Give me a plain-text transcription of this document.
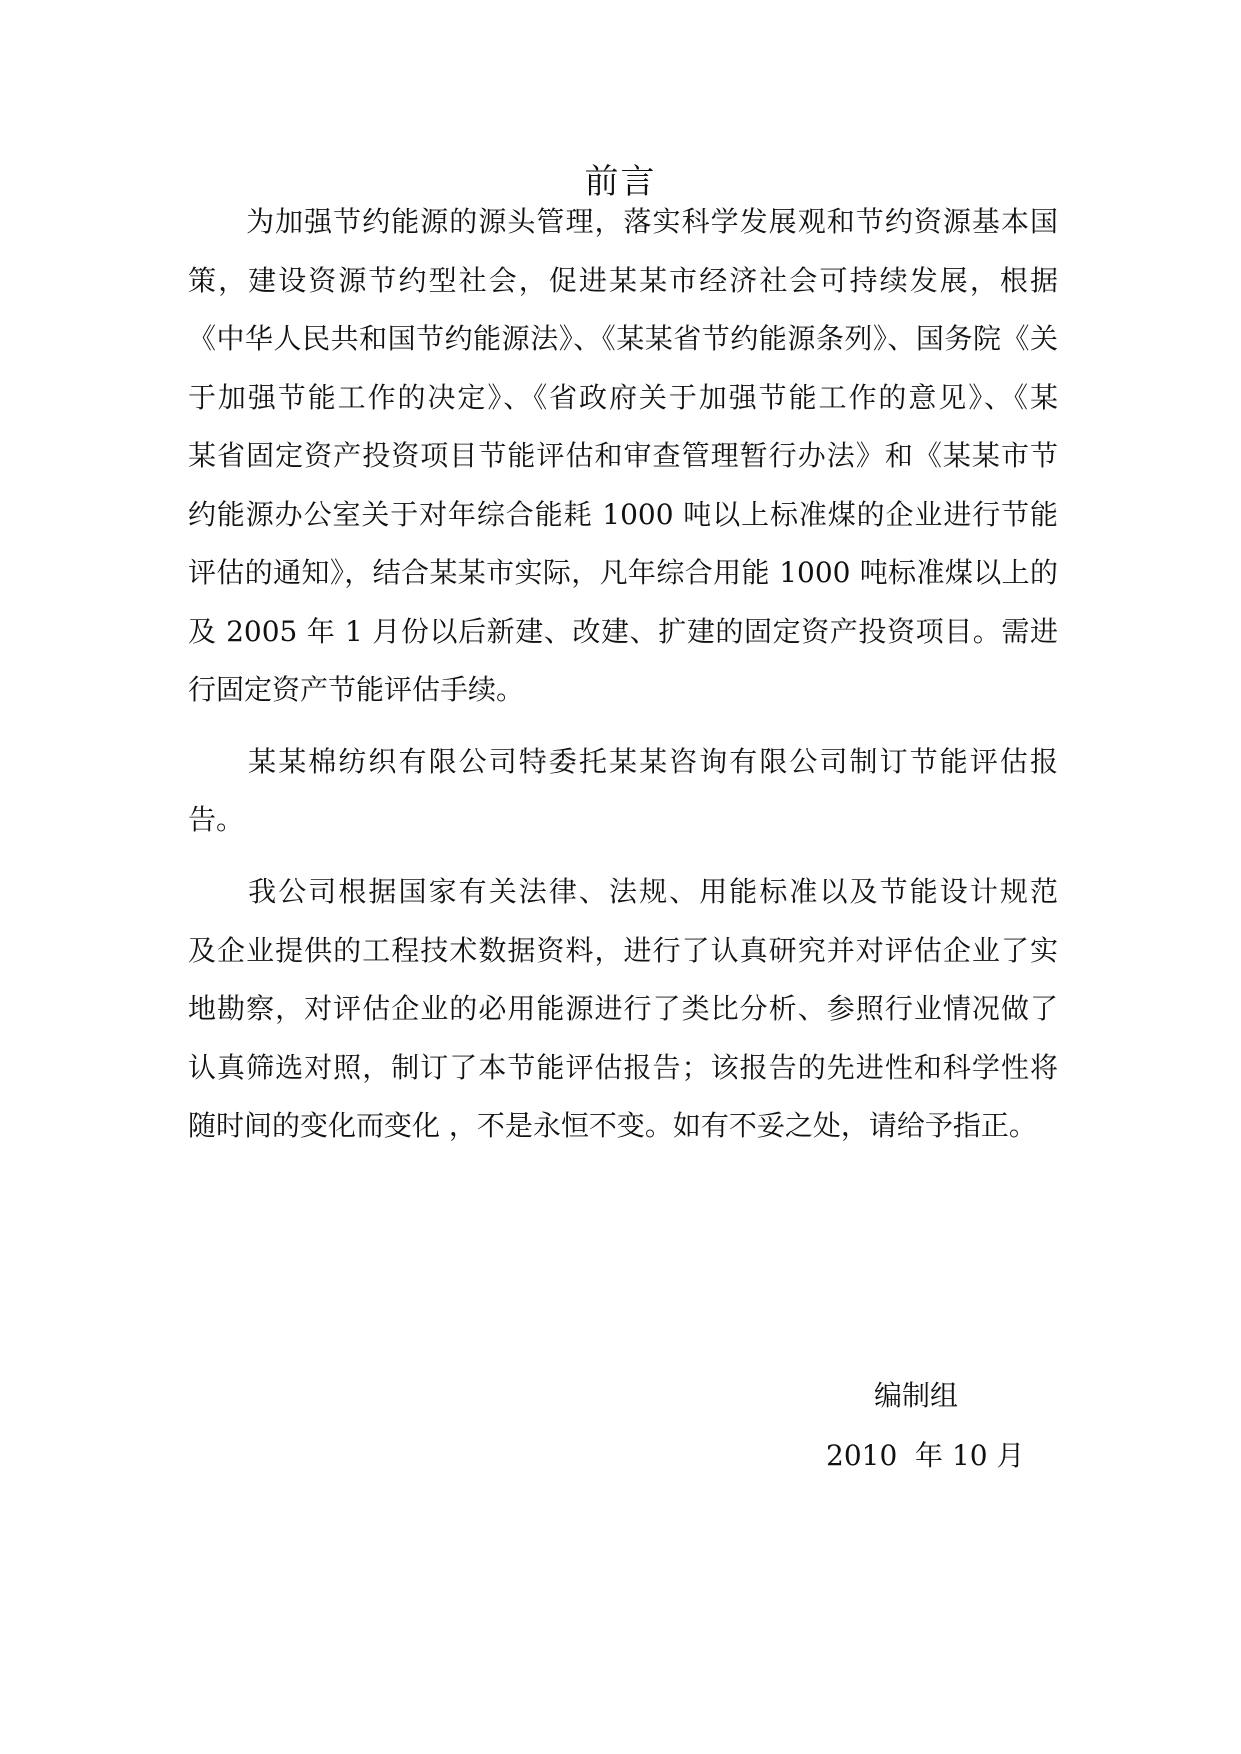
前言
　　为加强节约能源的源头管理，落实科学发展观和节约资源基本国
策，建设资源节约型社会，促进某某市经济社会可持续发展，根据
《中华人民共和国节约能源法》、《某某省节约能源条列》、国务院《关
于加强节能工作的决定》、《省政府关于加强节能工作的意见》、《某
某省固定资产投资项目节能评估和审查管理暂行办法》和《某某市节
约能源办公室关于对年综合能耗 1000 吨以上标准煤的企业进行节能
评估的通知》，结合某某市实际，凡年综合用能 1000 吨标准煤以上的
及 2005 年 1 月份以后新建、改建、扩建的固定资产投资项目。需进
行固定资产节能评估手续。
　　某某棉纺织有限公司特委托某某咨询有限公司制订节能评估报
告。
　　我公司根据国家有关法律、法规、用能标准以及节能设计规范
及企业提供的工程技术数据资料，进行了认真研究并对评估企业了实
地勘察，对评估企业的必用能源进行了类比分析、参照行业情况做了
认真筛选对照，制订了本节能评估报告；该报告的先进性和科学性将
随时间的变化而变化 ，不是永恒不变。如有不妥之处，请给予指正。
编制组
2010  年 10 月
